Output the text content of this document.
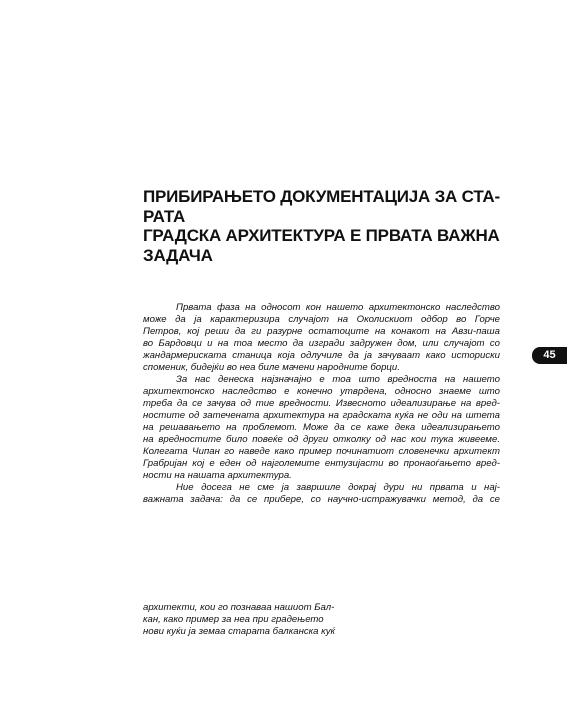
ПРИБИРАЊЕТО ДОКУМЕНТАЦИЈА ЗА СТА-
РАТА
ГРАДСКА АРХИТЕКТУРА Е ПРВАТА ВАЖНА
ЗАДАЧА
Првата фаза на односот кон нашето архитектонско наследство
може да ја карактеризира случајот на Околискиот одбор во Горче
Петров, кој реши да ги разурне остатоците на конакот на Авзи-паша
во Бардовци и на тоа место да изгради задружен дом, или случајот со
жандармериската станица која одлучиле да ја зачуваат како историски
споменик, бидејќи во неа биле мачени народните борци.
За нас денеска најзначајно е тоа што вредноста на нашето
архитектонско наследство е конечно утврдена, односно знаеме што
треба да се зачува од тие вредности. Извесното идеализирање на вред-
ностите од затечената архитектура на градската куќа не оди на штета
на решавањето на проблемот. Може да се каже дека идеализирањето
на вредностите било повеќе од други отколку од нас кои тука живееме.
Колегата Чипан го наведе како пример починатиот словенечки архитект
Грабријан кој е еден од најголемите ентузијасти во пронаоѓањето вред-
ности на нашата архитектура.
Ние досега не сме ја завршиле докрај дури ни првата и нај-
важната задача: да се прибере, со научно-истражувачки метод, да се
45
архитекти, кои го познаваа нашиот Бал-
кан, како пример за неа при градењето
нови куќи ја земаа старата балканска куќ
